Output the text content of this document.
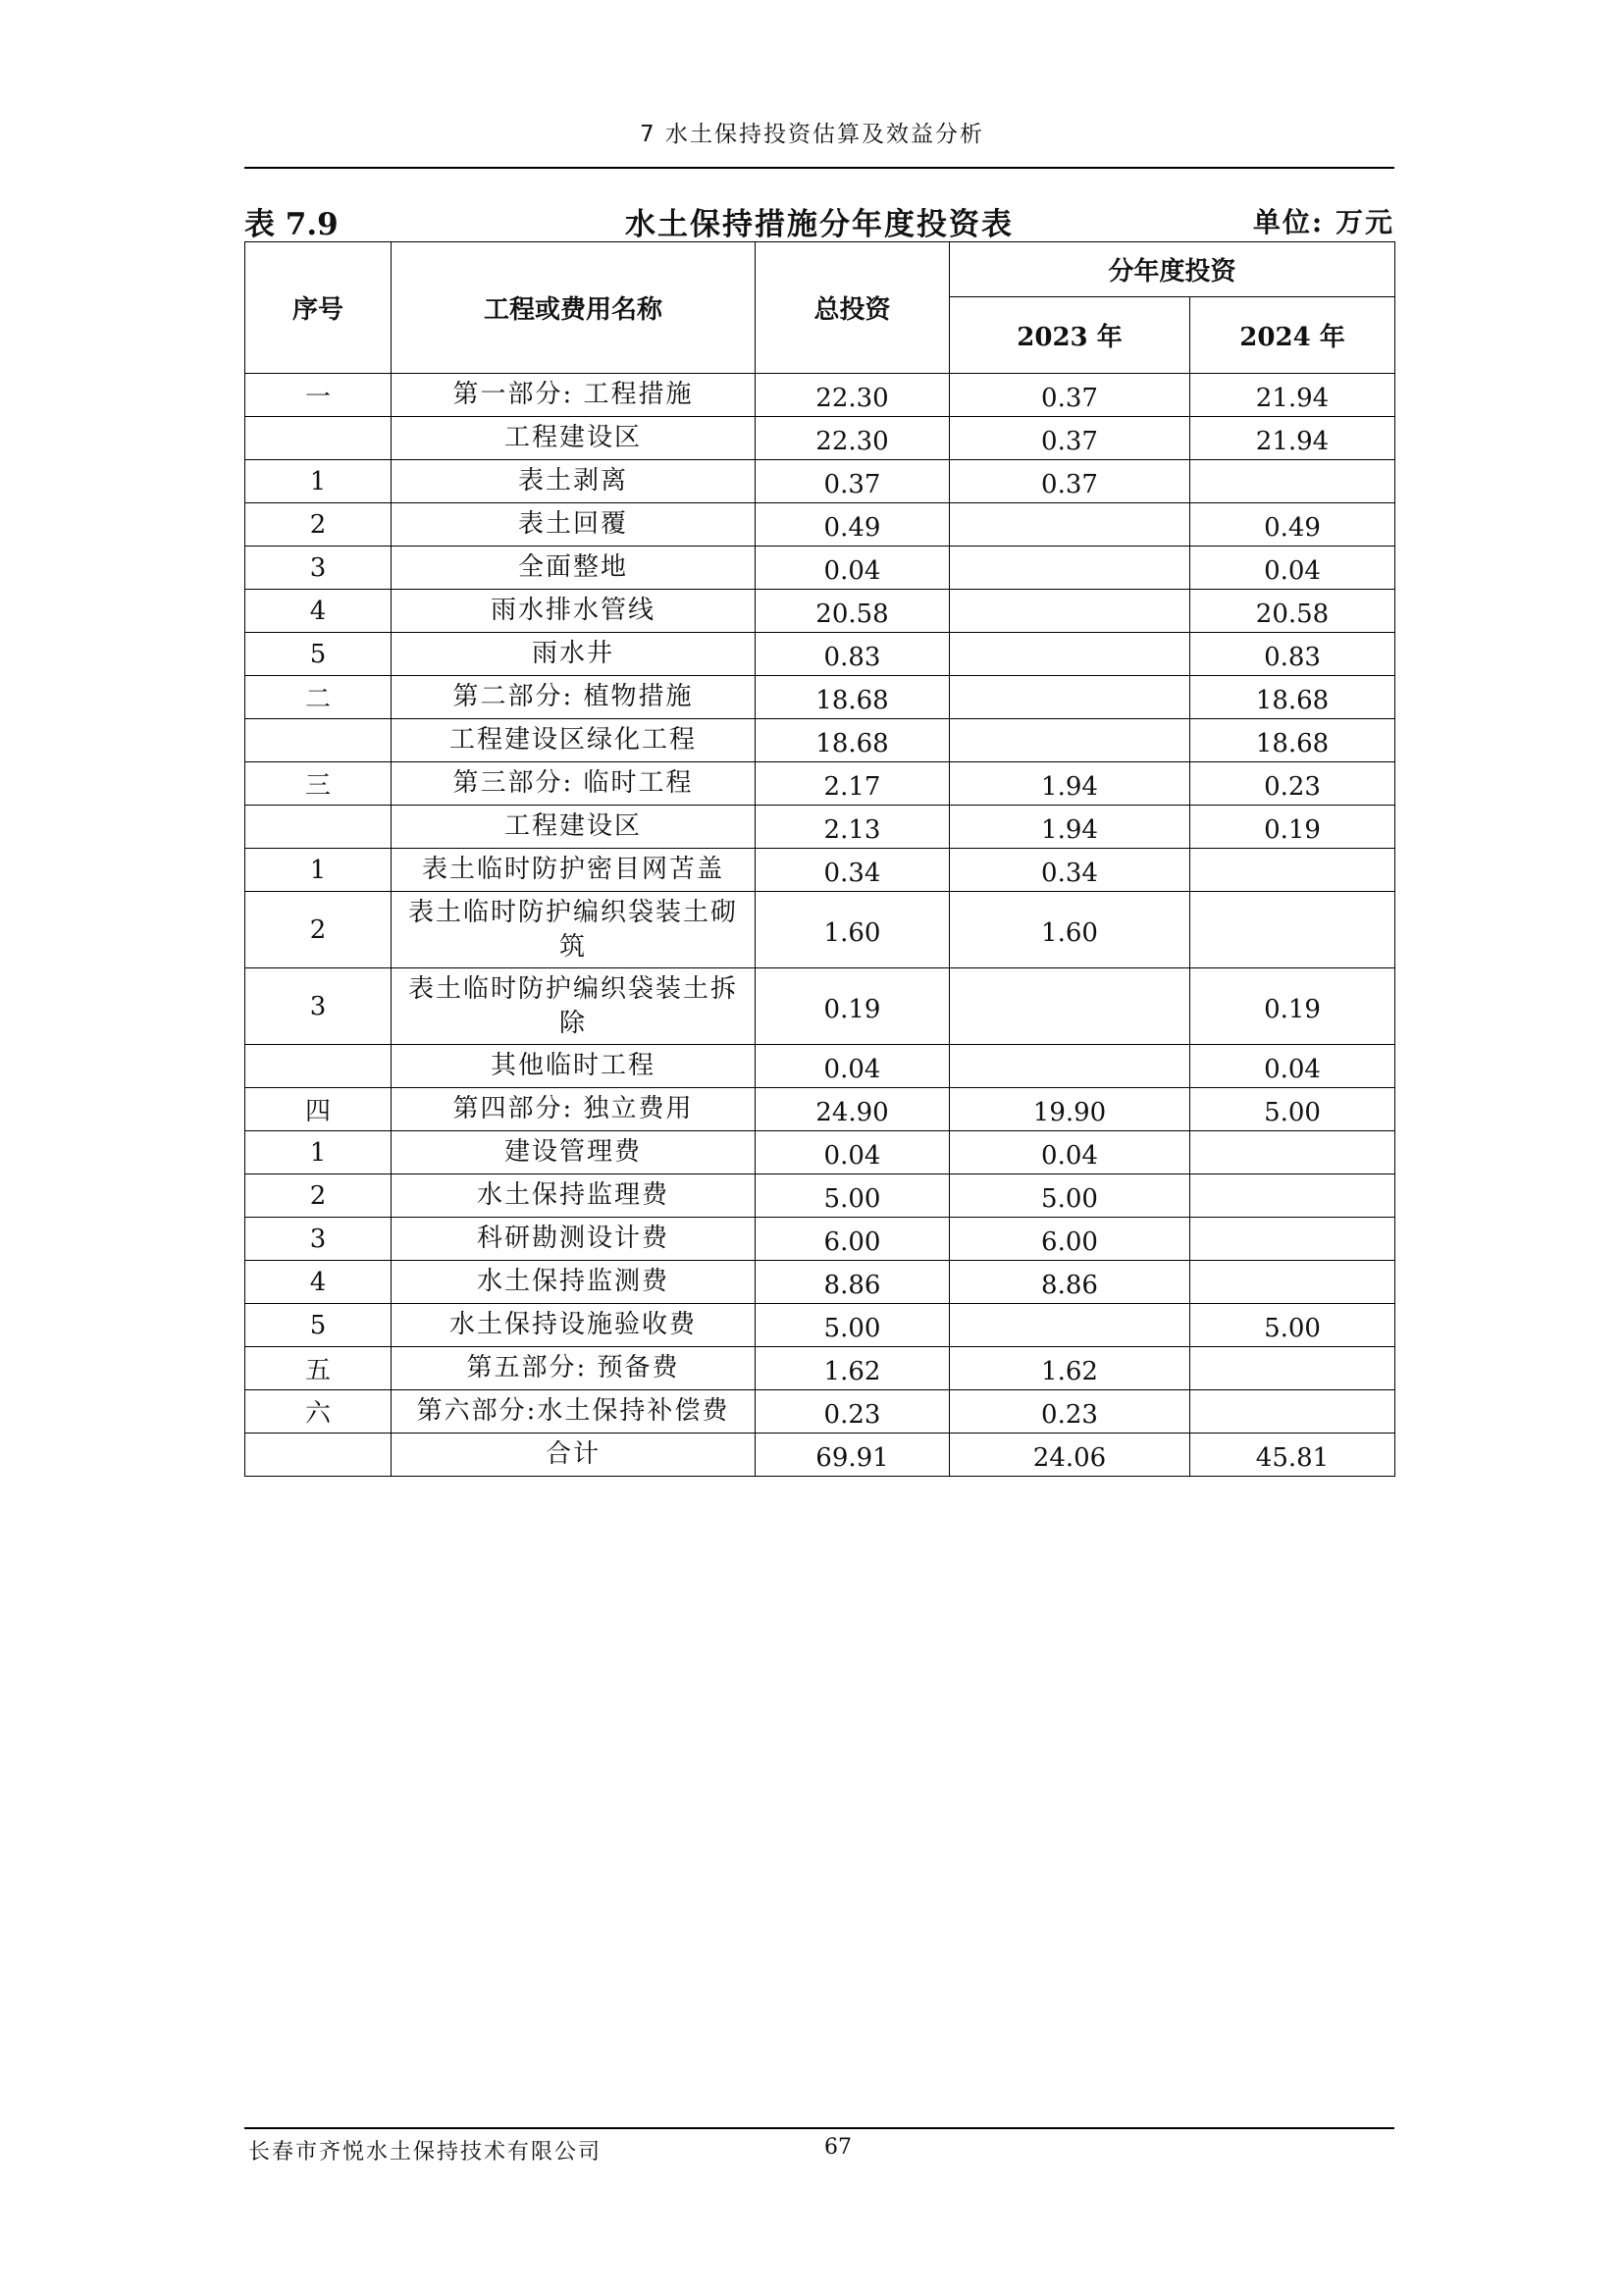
7 水土保持投资估算及效益分析
表 7.9	水土保持措施分年度投资表	单位: 万元
序号	工程或费用名称	总投资	分年度投资	
			2023 年	2024 年
一	第一部分: 工程措施	22.30	0.37	21.94
	工程建设区	22.30	0.37	21.94
1	表土剥离	0.37	0.37	
2	表土回覆	0.49		0.49
3	全面整地	0.04		0.04
4	雨水排水管线	20.58		20.58
5	雨水井	0.83		0.83
二	第二部分: 植物措施	18.68		18.68
	工程建设区绿化工程	18.68		18.68
三	第三部分: 临时工程	2.17	1.94	0.23
	工程建设区	2.13	1.94	0.19
1	表土临时防护密目网苫盖	0.34	0.34	
2	表土临时防护编织袋装土砌筑	1.60	1.60	
3	表土临时防护编织袋装土拆除	0.19		0.19
	其他临时工程	0.04		0.04
四	第四部分: 独立费用	24.90	19.90	5.00
1	建设管理费	0.04	0.04	
2	水土保持监理费	5.00	5.00	
3	科研勘测设计费	6.00	6.00	
4	水土保持监测费	8.86	8.86	
5	水土保持设施验收费	5.00		5.00
五	第五部分: 预备费	1.62	1.62	
六	第六部分:水土保持补偿费	0.23	0.23	
	合计	69.91	24.06	45.81
长春市齐悦水土保持技术有限公司	67
